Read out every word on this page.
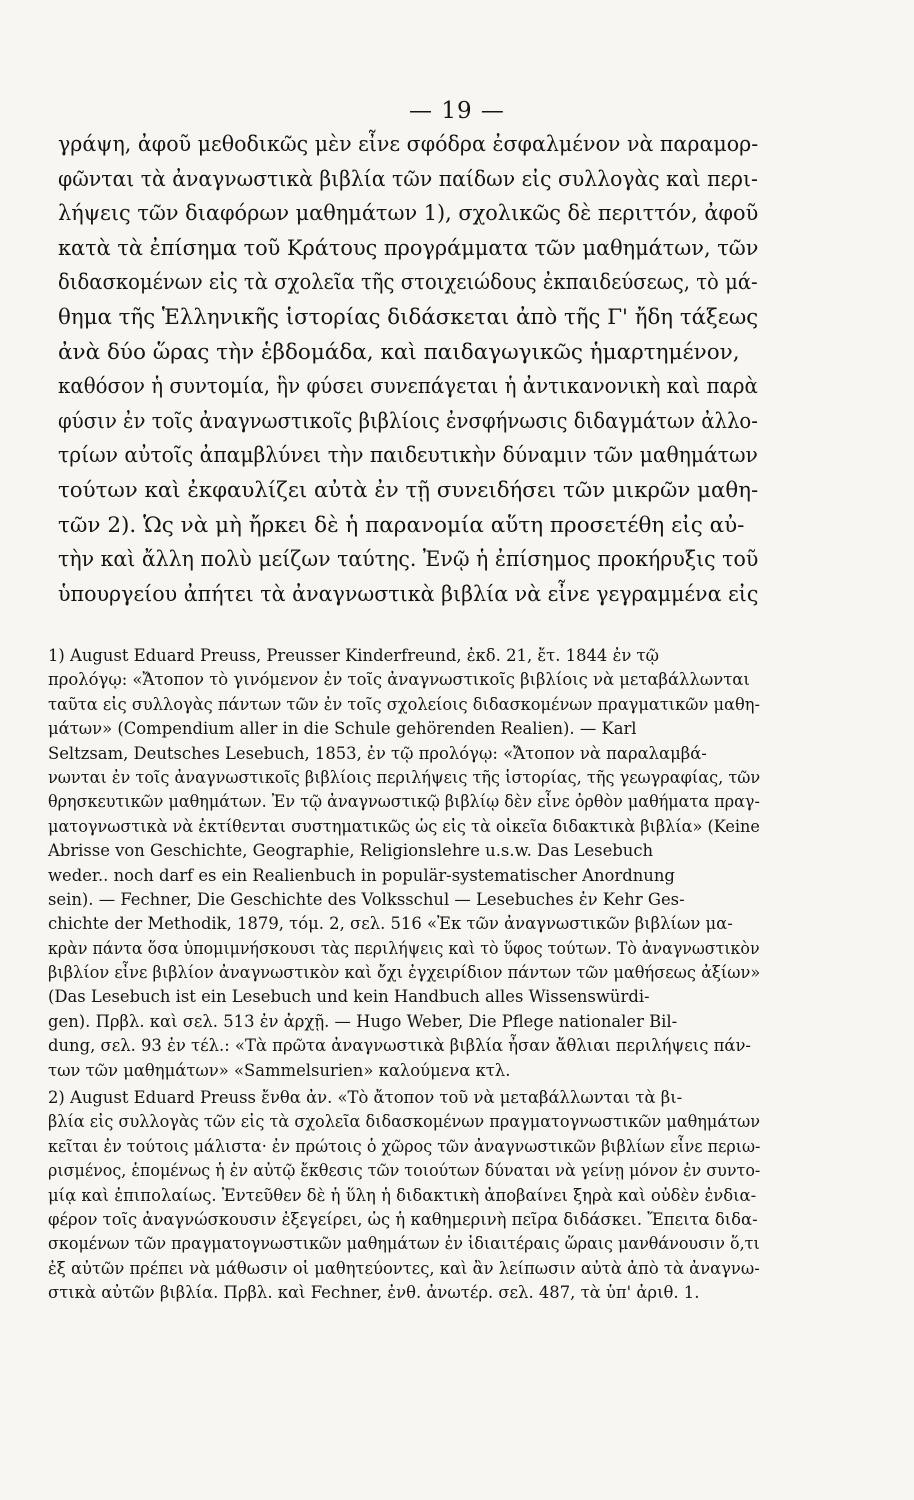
— 19 —
γράψη, ἀφοῦ μεθοδικῶς μὲν εἶνε σφόδρα ἐσφαλμένον νὰ παραμορ-
φῶνται τὰ ἀναγνωστικὰ βιβλία τῶν παίδων εἰς συλλογὰς καὶ περι-
λήψεις τῶν διαφόρων μαθημάτων 1), σχολικῶς δὲ περιττόν, ἀφοῦ
κατὰ τὰ ἐπίσημα τοῦ Κράτους προγράμματα τῶν μαθημάτων, τῶν
διδασκομένων εἰς τὰ σχολεῖα τῆς στοιχειώδους ἐκπαιδεύσεως, τὸ μά-
θημα τῆς Ἑλληνικῆς ἱστορίας διδάσκεται ἀπὸ τῆς Γ' ἤδη τάξεως
ἀνὰ δύο ὥρας τὴν ἑβδομάδα, καὶ παιδαγωγικῶς ἡμαρτημένον,
καθόσον ἡ συντομία, ἣν φύσει συνεπάγεται ἡ ἀντικανονικὴ καὶ παρὰ
φύσιν ἐν τοῖς ἀναγνωστικοῖς βιβλίοις ἐνσφήνωσις διδαγμάτων ἀλλο-
τρίων αὐτοῖς ἀπαμβλύνει τὴν παιδευτικὴν δύναμιν τῶν μαθημάτων
τούτων καὶ ἐκφαυλίζει αὐτὰ ἐν τῇ συνειδήσει τῶν μικρῶν μαθη-
τῶν 2). Ὡς νὰ μὴ ἤρκει δὲ ἡ παρανομία αὕτη προσετέθη εἰς αὐ-
τὴν καὶ ἄλλη πολὺ μείζων ταύτης. Ἐνῷ ἡ ἐπίσημος προκήρυξις τοῦ
ὑπουργείου ἀπήτει τὰ ἀναγνωστικὰ βιβλία νὰ εἶνε γεγραμμένα εἰς
1) August Eduard Preuss, Preusser Kinderfreund, ἐκδ. 21, ἔτ. 1844 ἐν τῷ
προλόγῳ: «Ἄτοπον τὸ γινόμενον ἐν τοῖς ἀναγνωστικοῖς βιβλίοις νὰ μεταβάλλωνται
ταῦτα εἰς συλλογὰς πάντων τῶν ἐν τοῖς σχολείοις διδασκομένων πραγματικῶν μαθη-
μάτων» (Compendium aller in die Schule gehörenden Realien). — Karl
Seltzsam, Deutsches Lesebuch, 1853, ἐν τῷ προλόγῳ: «Ἄτοπον νὰ παραλαμβά-
νωνται ἐν τοῖς ἀναγνωστικοῖς βιβλίοις περιλήψεις τῆς ἱστορίας, τῆς γεωγραφίας, τῶν
θρησκευτικῶν μαθημάτων. Ἐν τῷ ἀναγνωστικῷ βιβλίῳ δὲν εἶνε ὀρθὸν μαθήματα πραγ-
ματογνωστικὰ νὰ ἐκτίθενται συστηματικῶς ὡς εἰς τὰ οἰκεῖα διδακτικὰ βιβλία» (Keine
Abrisse von Geschichte, Geographie, Religionslehre u.s.w. Das Lesebuch
weder.. noch darf es ein Realienbuch in populär-systematischer Anordnung
sein). — Fechner, Die Geschichte des Volksschul — Lesebuches ἐν Kehr Ges-
chichte der Methodik, 1879, τόμ. 2, σελ. 516 «Ἐκ τῶν ἀναγνωστικῶν βιβλίων μα-
κρὰν πάντα ὅσα ὑπομιμνήσκουσι τὰς περιλήψεις καὶ τὸ ὕφος τούτων. Τὸ ἀναγνωστικὸν
βιβλίον εἶνε βιβλίον ἀναγνωστικὸν καὶ ὄχι ἐγχειρίδιον πάντων τῶν μαθήσεως ἀξίων»
(Das Lesebuch ist ein Lesebuch und kein Handbuch alles Wissenswürdi-
gen). Πρβλ. καὶ σελ. 513 ἐν ἀρχῇ. — Hugo Weber, Die Pflege nationaler Bil-
dung, σελ. 93 ἐν τέλ.: «Τὰ πρῶτα ἀναγνωστικὰ βιβλία ἦσαν ἄθλιαι περιλήψεις πάν-
των τῶν μαθημάτων» «Sammelsurien» καλούμενα κτλ.
2) August Eduard Preuss ἔνθα ἀν. «Τὸ ἄτοπον τοῦ νὰ μεταβάλλωνται τὰ βι-
βλία εἰς συλλογὰς τῶν εἰς τὰ σχολεῖα διδασκομένων πραγματογνωστικῶν μαθημάτων
κεῖται ἐν τούτοις μάλιστα· ἐν πρώτοις ὁ χῶρος τῶν ἀναγνωστικῶν βιβλίων εἶνε περιω-
ρισμένος, ἑπομένως ἡ ἐν αὐτῷ ἔκθεσις τῶν τοιούτων δύναται νὰ γείνῃ μόνον ἐν συντο-
μίᾳ καὶ ἐπιπολαίως. Ἐντεῦθεν δὲ ἡ ὕλη ἡ διδακτικὴ ἀποβαίνει ξηρὰ καὶ οὐδὲν ἐνδια-
φέρον τοῖς ἀναγνώσκουσιν ἐξεγείρει, ὡς ἡ καθημερινὴ πεῖρα διδάσκει. Ἔπειτα διδα-
σκομένων τῶν πραγματογνωστικῶν μαθημάτων ἐν ἰδιαιτέραις ὥραις μανθάνουσιν ὅ,τι
ἐξ αὐτῶν πρέπει νὰ μάθωσιν οἱ μαθητεύοντες, καὶ ἂν λείπωσιν αὐτὰ ἀπὸ τὰ ἀναγνω-
στικὰ αὐτῶν βιβλία. Πρβλ. καὶ Fechner, ἐνθ. ἀνωτέρ. σελ. 487, τὰ ὑπ' ἀριθ. 1.
